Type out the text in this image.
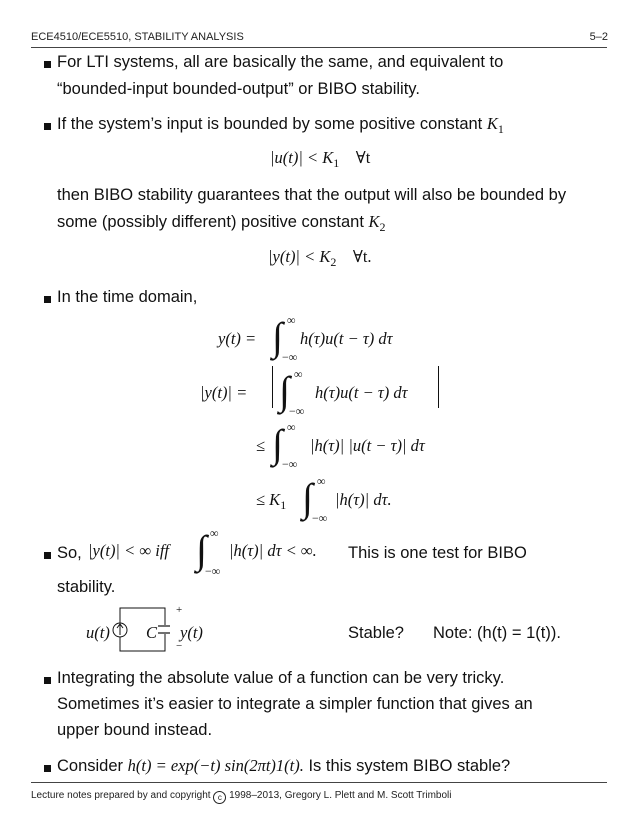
ECE4510/ECE5510, STABILITY ANALYSIS	5–2
For LTI systems, all are basically the same, and equivalent to
“bounded-input bounded-output” or BIBO stability.
If the system’s input is bounded by some positive constant $K_1$
$|u(t)| < K_1$ ∀t
then BIBO stability guarantees that the output will also be bounded by
some (possibly different) positive constant $K_2$
$|y(t)| < K_2$ ∀t.
In the time domain,
y(t) = ∫ ∞
−∞
h(τ)u(t − τ) dτ
|y(t)| = ∫ ∞
−∞
h(τ)u(t − τ) dτ
≤ ∫ ∞
−∞
|h(τ)| |u(t − τ)| dτ
≤ $K_1$ ∫ ∞
−∞
|h(τ)| dτ.
So, |y(t)| < ∞ iff ∫ ∞
−∞
|h(τ)| dτ < ∞. This is one test for BIBO
stability.
u(t) C
+
y(t)
−
Stable? Note: (h(t) = 1(t)).
Integrating the absolute value of a function can be very tricky.
Sometimes it’s easier to integrate a simpler function that gives an
upper bound instead.
Consider h(t) = exp(−t) sin(2πt)1(t). Is this system BIBO stable?
Lecture notes prepared by and copyright c 1998–2013, Gregory L. Plett and M. Scott Trimboli
